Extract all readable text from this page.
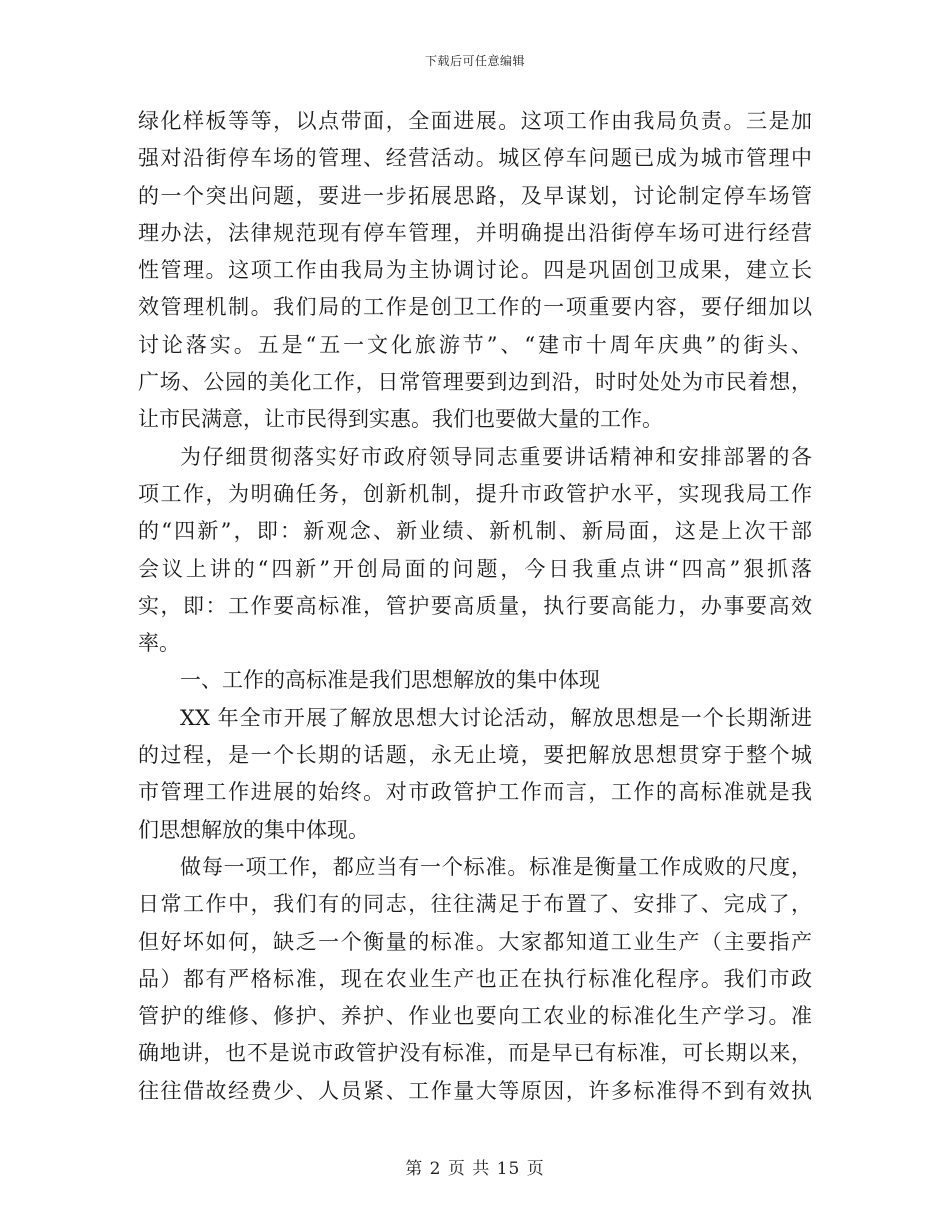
下载后可任意编辑
绿化样板等等，以点带面，全面进展。这项工作由我局负责。三是加
强对沿街停车场的管理、经营活动。城区停车问题已成为城市管理中
的一个突出问题，要进一步拓展思路，及早谋划，讨论制定停车场管
理办法，法律规范现有停车管理，并明确提出沿街停车场可进行经营
性管理。这项工作由我局为主协调讨论。四是巩固创卫成果，建立长
效管理机制。我们局的工作是创卫工作的一项重要内容，要仔细加以
讨论落实。五是“五一文化旅游节”、“建市十周年庆典”的街头、
广场、公园的美化工作，日常管理要到边到沿，时时处处为市民着想，
让市民满意，让市民得到实惠。我们也要做大量的工作。
为仔细贯彻落实好市政府领导同志重要讲话精神和安排部署的各
项工作，为明确任务，创新机制，提升市政管护水平，实现我局工作
的“四新”，即：新观念、新业绩、新机制、新局面，这是上次干部
会议上讲的“四新”开创局面的问题，今日我重点讲“四高”狠抓落
实，即：工作要高标准，管护要高质量，执行要高能力，办事要高效
率。
一、工作的高标准是我们思想解放的集中体现
XX 年全市开展了解放思想大讨论活动，解放思想是一个长期渐进
的过程，是一个长期的话题，永无止境，要把解放思想贯穿于整个城
市管理工作进展的始终。对市政管护工作而言，工作的高标准就是我
们思想解放的集中体现。
做每一项工作，都应当有一个标准。标准是衡量工作成败的尺度，
日常工作中，我们有的同志，往往满足于布置了、安排了、完成了，
但好坏如何，缺乏一个衡量的标准。大家都知道工业生产（主要指产
品）都有严格标准，现在农业生产也正在执行标准化程序。我们市政
管护的维修、修护、养护、作业也要向工农业的标准化生产学习。准
确地讲，也不是说市政管护没有标准，而是早已有标准，可长期以来，
往往借故经费少、人员紧、工作量大等原因，许多标准得不到有效执
第 2 页 共 15 页
